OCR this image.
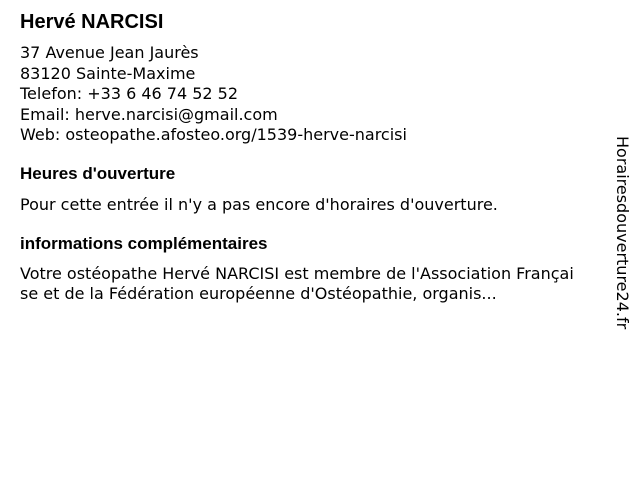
Hervé NARCISI
37 Avenue Jean Jaurès
83120 Sainte-Maxime
Telefon: +33 6 46 74 52 52
Email: herve.narcisi@gmail.com
Web: osteopathe.afosteo.org/1539-herve-narcisi
Heures d'ouverture
Pour cette entrée il n'y a pas encore d'horaires d'ouverture.
informations complémentaires
Votre ostéopathe Hervé NARCISI est membre de l'Association Française et de la Fédération européenne d'Ostéopathie, organis...	Horairesdouverture24.fr
